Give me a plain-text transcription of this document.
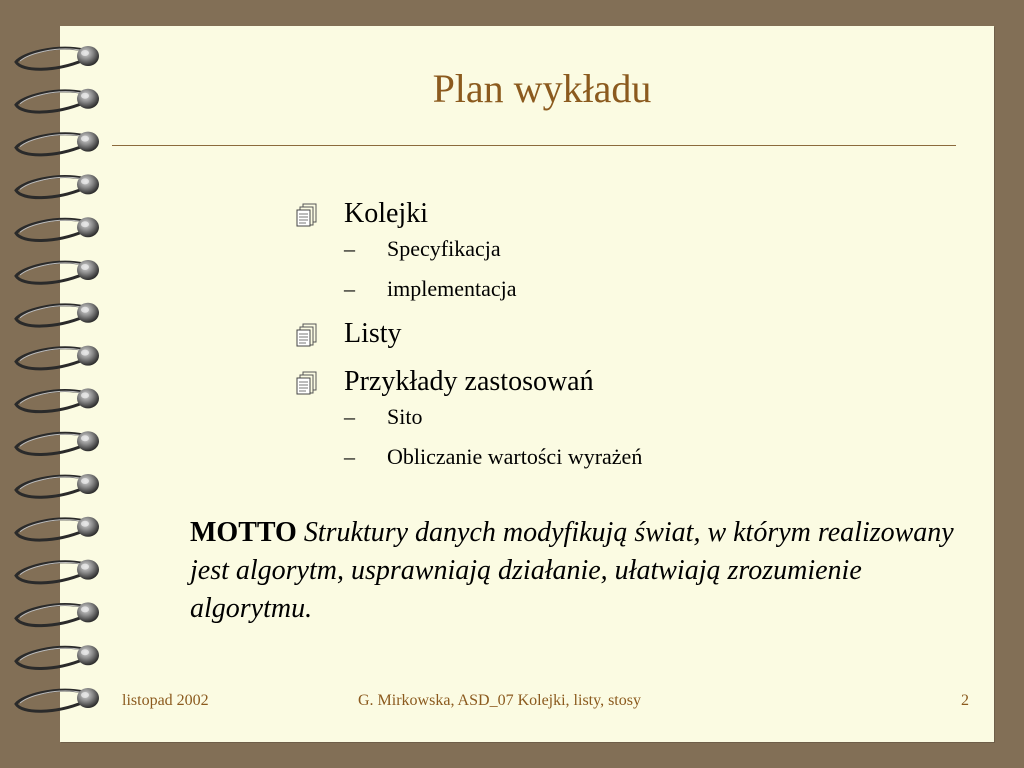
Plan wykładu
Kolejki
– Specyfikacja
– implementacja
Listy
Przykłady zastosowań
– Sito
– Obliczanie wartości wyrażeń

MOTTO Struktury danych modyfikują świat, w którym realizowany jest algorytm, usprawniają działanie, ułatwiają zrozumienie algorytmu.

listopad 2002	G. Mirkowska, ASD_07 Kolejki, listy, stosy	2
